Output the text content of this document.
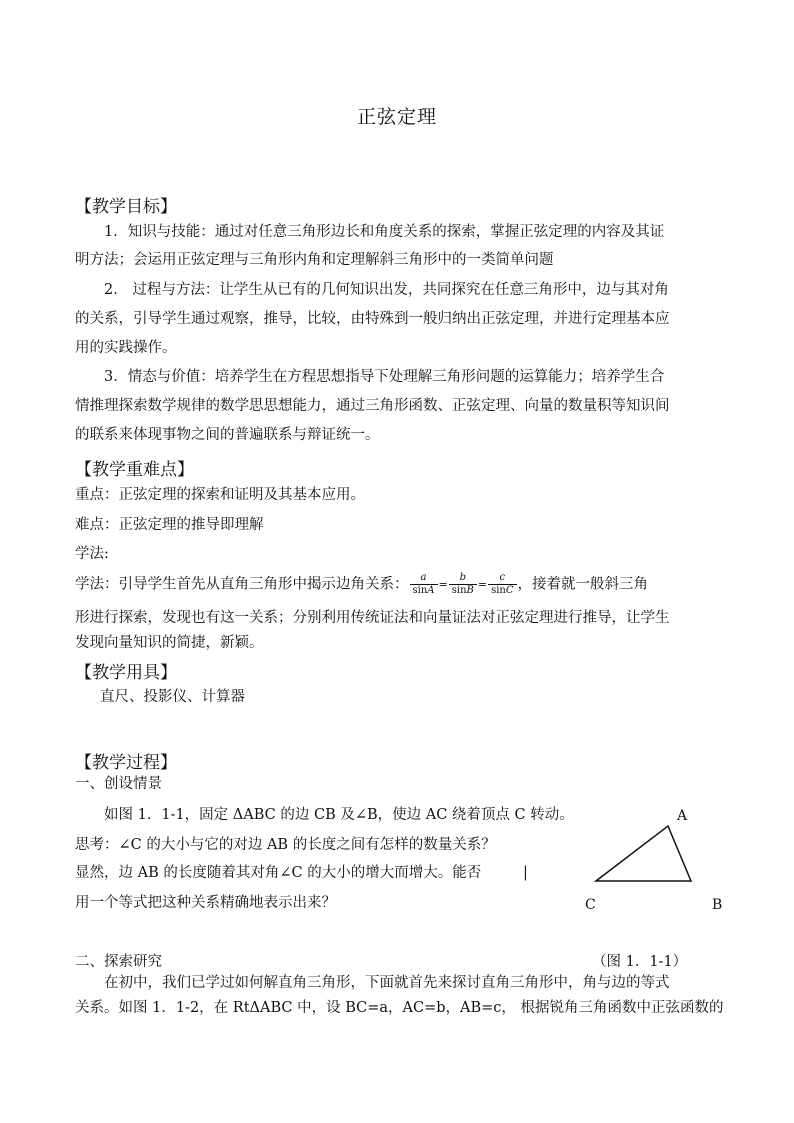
正弦定理
【教学目标】
1．知识与技能：通过对任意三角形边长和角度关系的探索，掌握正弦定理的内容及其证
明方法；会运用正弦定理与三角形内角和定理解斜三角形中的一类简单问题
2． 过程与方法：让学生从已有的几何知识出发，共同探究在任意三角形中，边与其对角
的关系，引导学生通过观察，推导，比较，由特殊到一般归纳出正弦定理，并进行定理基本应
用的实践操作。
3．情态与价值：培养学生在方程思想指导下处理解三角形问题的运算能力；培养学生合
情推理探索数学规律的数学思思想能力，通过三角形函数、正弦定理、向量的数量积等知识间
的联系来体现事物之间的普遍联系与辩证统一。
【教学重难点】
重点：正弦定理的探索和证明及其基本应用。
难点：正弦定理的推导即理解
学法:
学法：引导学生首先从直角三角形中揭示边角关系： $\frac{a}{\sin A} = \frac{b}{\sin B} = \frac{c}{\sin C}$ ，接着就一般斜三角
形进行探索，发现也有这一关系；分别利用传统证法和向量证法对正弦定理进行推导，让学生
发现向量知识的简捷，新颖。
【教学用具】
直尺、投影仪、计算器
【教学过程】
一、创设情景
如图 1．1-1，固定 ΔABC 的边 CB 及∠B，使边 AC 绕着顶点 C 转动。
思考：∠C 的大小与它的对边 AB 的长度之间有怎样的数量关系？
显然，边 AB 的长度随着其对角∠C 的大小的增大而增大。能否
用一个等式把这种关系精确地表示出来？
A
C	B
|
二、探索研究	（图 1．1-1）
在初中，我们已学过如何解直角三角形，下面就首先来探讨直角三角形中，角与边的等式
关系。如图 1．1-2，在 RtΔABC 中，设 BC=a，AC=b，AB=c， 根据锐角三角函数中正弦函数的
